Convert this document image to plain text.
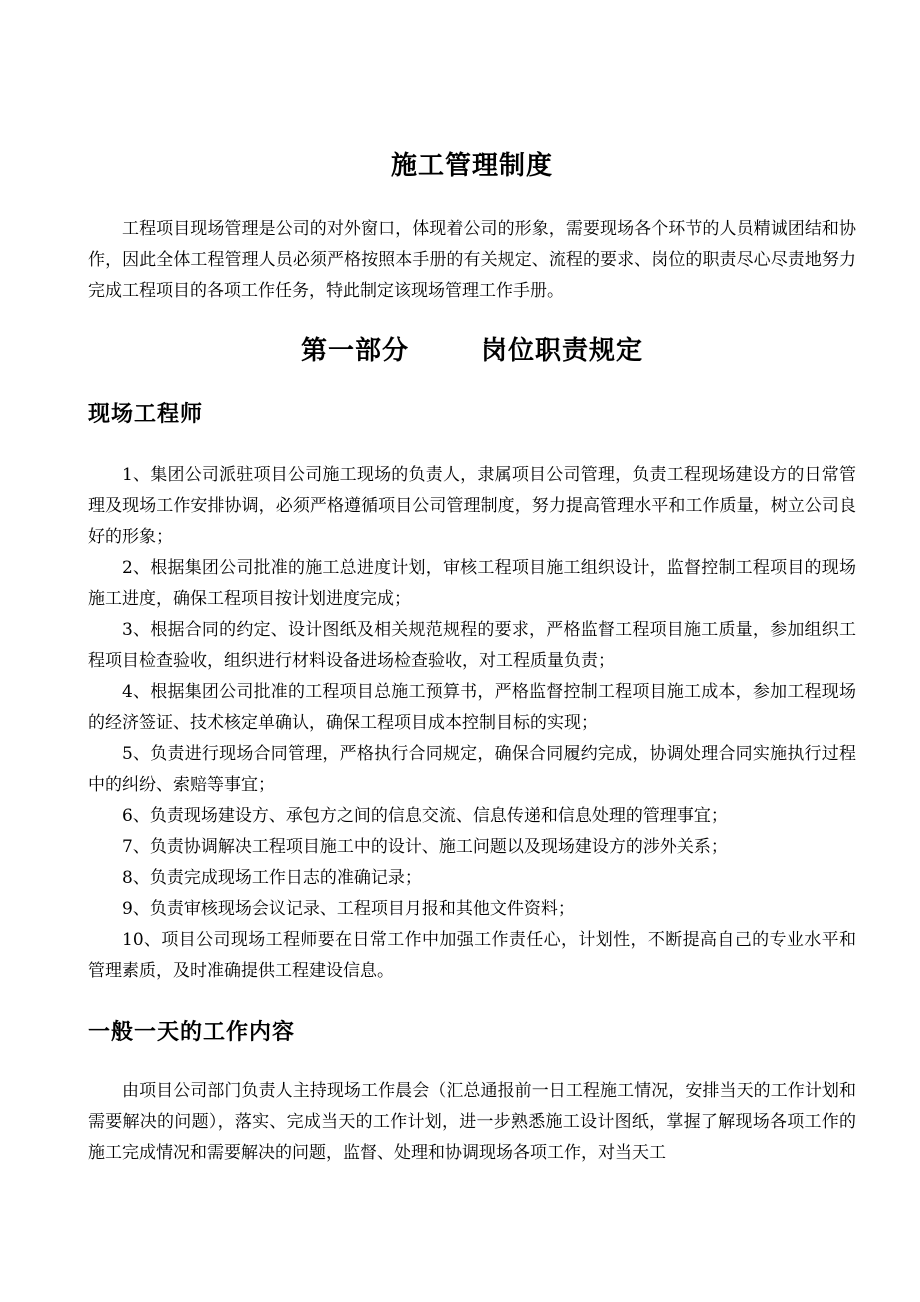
施工管理制度

工程项目现场管理是公司的对外窗口，体现着公司的形象，需要现场各个环节的人员精诚团结和协作，因此全体工程管理人员必须严格按照本手册的有关规定、流程的要求、岗位的职责尽心尽责地努力完成工程项目的各项工作任务，特此制定该现场管理工作手册。

第一部分	岗位职责规定
现场工程师
1、集团公司派驻项目公司施工现场的负责人，隶属项目公司管理，负责工程现场建设方的日常管理及现场工作安排协调，必须严格遵循项目公司管理制度，努力提高管理水平和工作质量，树立公司良好的形象；
2、根据集团公司批准的施工总进度计划，审核工程项目施工组织设计，监督控制工程项目的现场施工进度，确保工程项目按计划进度完成；
3、根据合同的约定、设计图纸及相关规范规程的要求，严格监督工程项目施工质量，参加组织工程项目检查验收，组织进行材料设备进场检查验收，对工程质量负责；
4、根据集团公司批准的工程项目总施工预算书，严格监督控制工程项目施工成本，参加工程现场的经济签证、技术核定单确认，确保工程项目成本控制目标的实现；
5、负责进行现场合同管理，严格执行合同规定，确保合同履约完成，协调处理合同实施执行过程中的纠纷、索赔等事宜；
6、负责现场建设方、承包方之间的信息交流、信息传递和信息处理的管理事宜；
7、负责协调解决工程项目施工中的设计、施工问题以及现场建设方的涉外关系；
8、负责完成现场工作日志的准确记录；
9、负责审核现场会议记录、工程项目月报和其他文件资料；
10、项目公司现场工程师要在日常工作中加强工作责任心，计划性，不断提高自己的专业水平和管理素质，及时准确提供工程建设信息。
一般一天的工作内容

由项目公司部门负责人主持现场工作晨会（汇总通报前一日工程施工情况，安排当天的工作计划和需要解决的问题），落实、完成当天的工作计划，进一步熟悉施工设计图纸，掌握了解现场各项工作的施工完成情况和需要解决的问题，监督、处理和协调现场各项工作，对当天工
